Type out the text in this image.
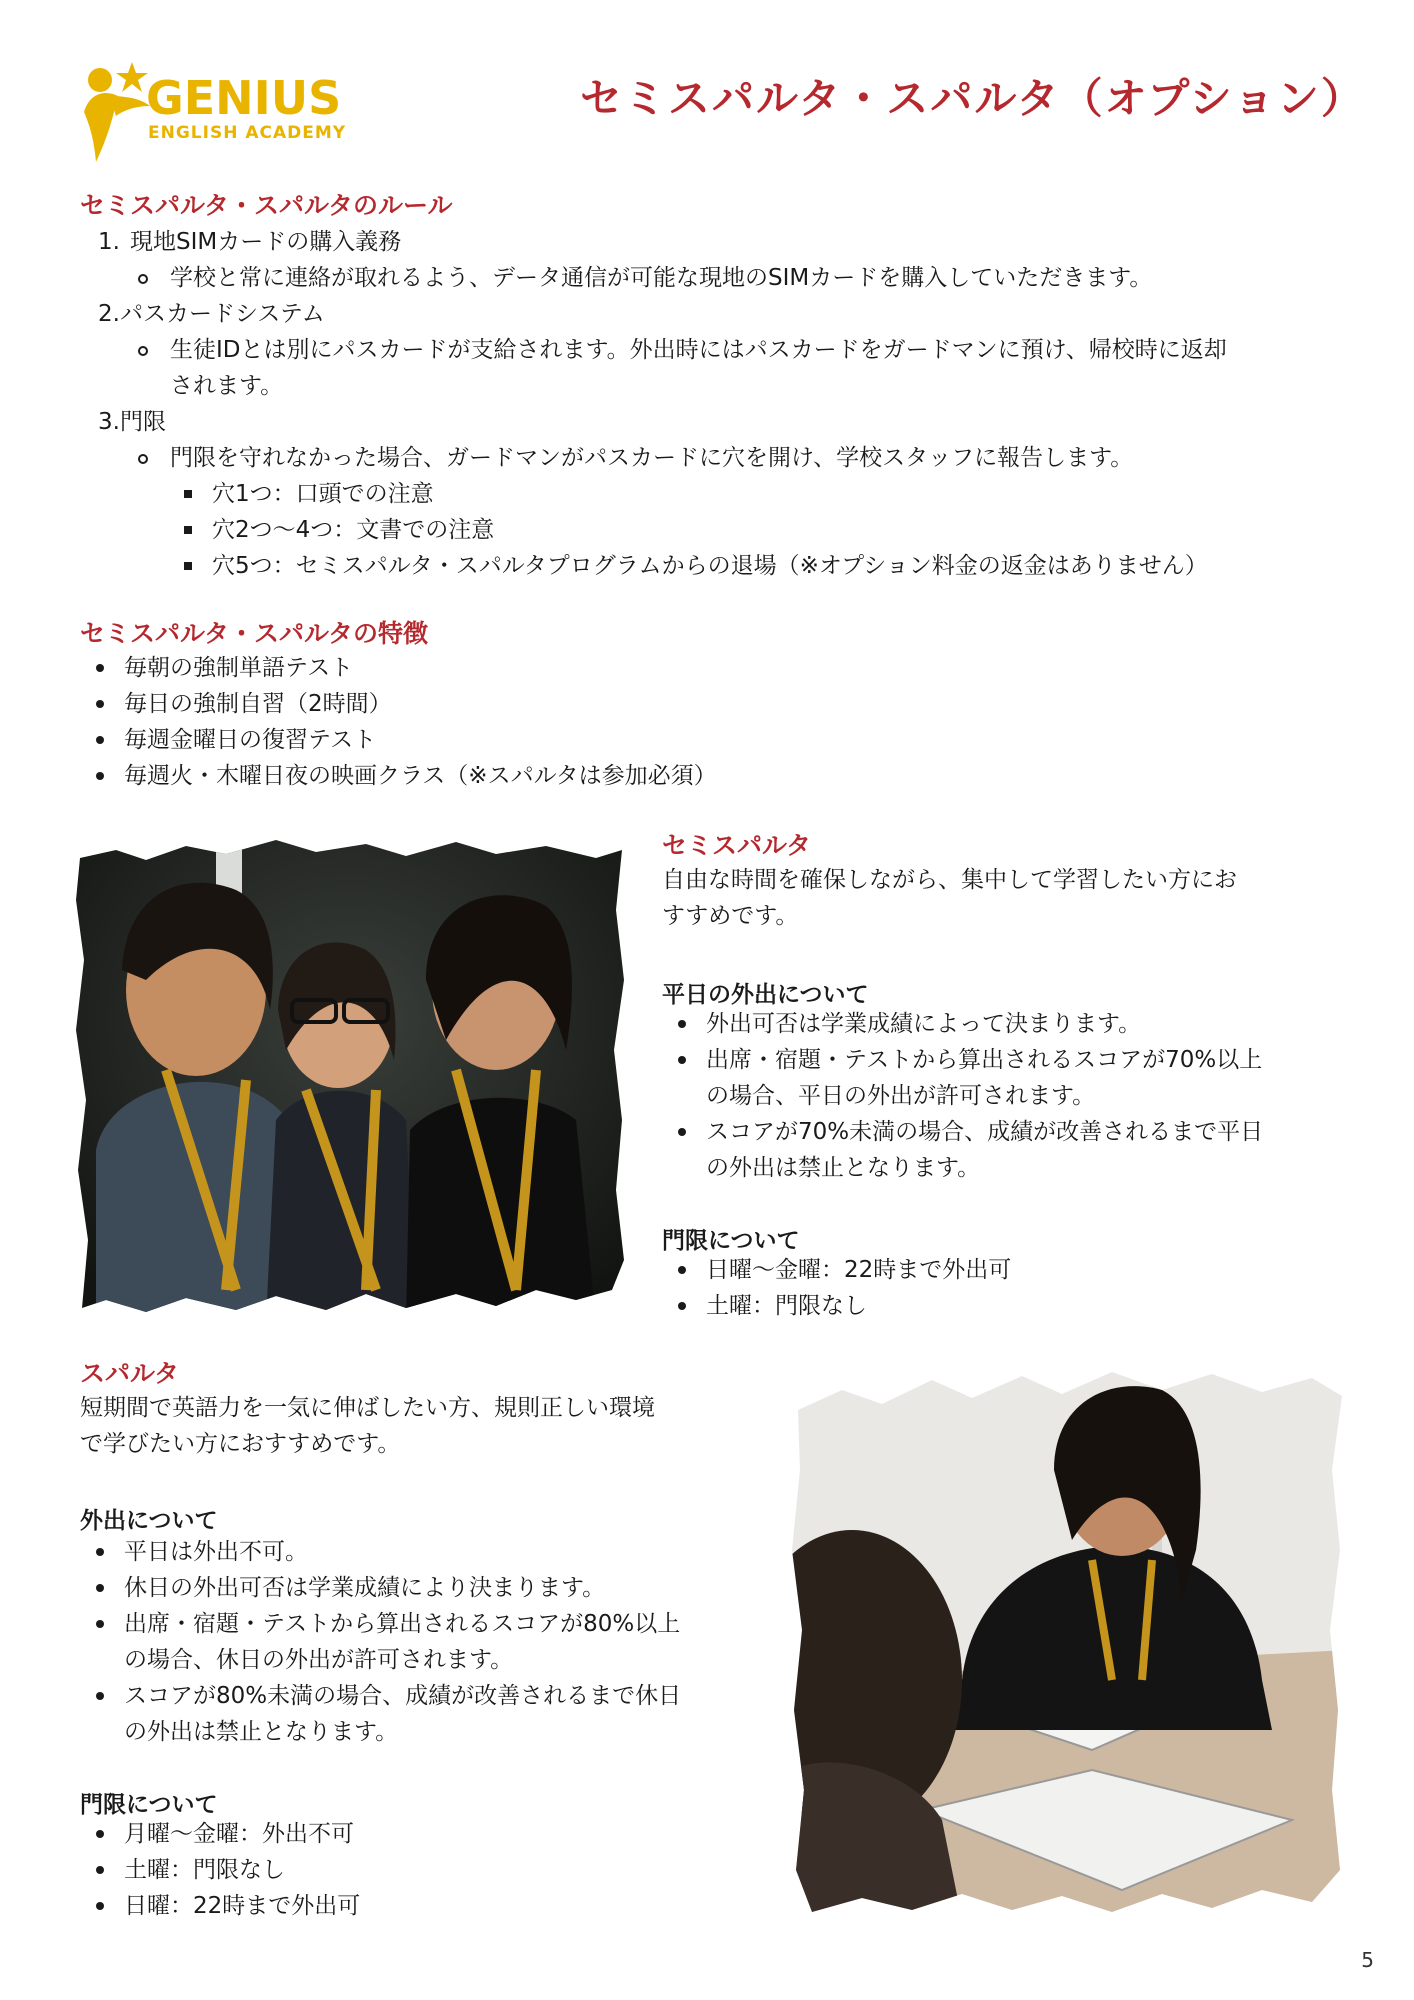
GENIUS
ENGLISH ACADEMY
セミスパルタ・スパルタ（オプション）
セミスパルタ・スパルタのルール
1. 現地SIMカードの購入義務
学校と常に連絡が取れるよう、データ通信が可能な現地のSIMカードを購入していただきます。
2. パスカードシステム
生徒IDとは別にパスカードが支給されます。外出時にはパスカードをガードマンに預け、帰校時に返却
されます。
3. 門限
門限を守れなかった場合、ガードマンがパスカードに穴を開け、学校スタッフに報告します。
穴1つ：口頭での注意
穴2つ〜4つ：文書での注意
穴5つ：セミスパルタ・スパルタプログラムからの退場（※オプション料金の返金はありません）
セミスパルタ・スパルタの特徴
毎朝の強制単語テスト
毎日の強制自習（2時間）
毎週金曜日の復習テスト
毎週火・木曜日夜の映画クラス（※スパルタは参加必須）
セミスパルタ
自由な時間を確保しながら、集中して学習したい方にお
すすめです。
平日の外出について
外出可否は学業成績によって決まります。
出席・宿題・テストから算出されるスコアが70%以上
の場合、平日の外出が許可されます。
スコアが70%未満の場合、成績が改善されるまで平日
の外出は禁止となります。
門限について
日曜〜金曜：22時まで外出可
土曜：門限なし
スパルタ
短期間で英語力を一気に伸ばしたい方、規則正しい環境
で学びたい方におすすめです。
外出について
平日は外出不可。
休日の外出可否は学業成績により決まります。
出席・宿題・テストから算出されるスコアが80%以上
の場合、休日の外出が許可されます。
スコアが80%未満の場合、成績が改善されるまで休日
の外出は禁止となります。
門限について
月曜〜金曜：外出不可
土曜：門限なし
日曜：22時まで外出可
5
